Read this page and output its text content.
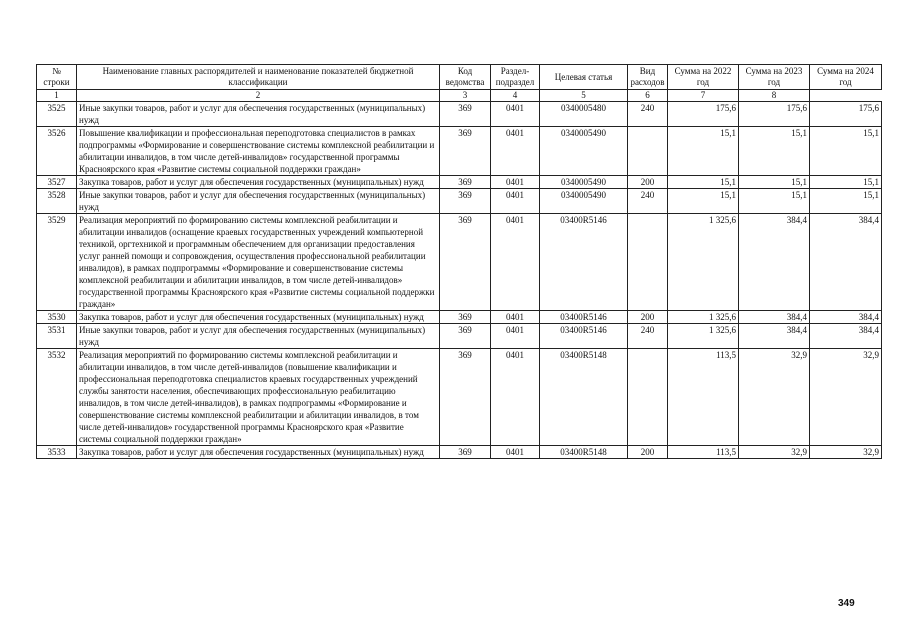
№ строки	Наименование главных распорядителей и наименование показателей бюджетной классификации	Код ведомства	Раздел-подраздел	Целевая статья	Вид расходов	Сумма на 2022 год	Сумма на 2023 год	Сумма на 2024 год
1	2	3	4	5	6	7	8	
3525	Иные закупки товаров, работ и услуг для обеспечения государственных (муниципальных) нужд	369	0401	0340005480	240	175,6	175,6	175,6
3526	Повышение квалификации и профессиональная переподготовка специалистов в рамках подпрограммы «Формирование и совершенствование системы комплексной реабилитации и абилитации инвалидов, в том числе детей-инвалидов» государственной программы Красноярского края «Развитие системы социальной поддержки граждан»	369	0401	0340005490		15,1	15,1	15,1
3527	Закупка товаров, работ и услуг для обеспечения государственных (муниципальных) нужд	369	0401	0340005490	200	15,1	15,1	15,1
3528	Иные закупки товаров, работ и услуг для обеспечения государственных (муниципальных) нужд	369	0401	0340005490	240	15,1	15,1	15,1
3529	Реализация мероприятий по формированию системы комплексной реабилитации и абилитации инвалидов (оснащение краевых государственных учреждений компьютерной техникой, оргтехникой и программным обеспечением для организации предоставления услуг ранней помощи и сопровождения, осуществления профессиональной реабилитации инвалидов), в рамках подпрограммы «Формирование и совершенствование системы комплексной реабилитации и абилитации инвалидов, в том числе детей-инвалидов» государственной программы Красноярского края «Развитие системы социальной поддержки граждан»	369	0401	03400R5146		1 325,6	384,4	384,4
3530	Закупка товаров, работ и услуг для обеспечения государственных (муниципальных) нужд	369	0401	03400R5146	200	1 325,6	384,4	384,4
3531	Иные закупки товаров, работ и услуг для обеспечения государственных (муниципальных) нужд	369	0401	03400R5146	240	1 325,6	384,4	384,4
3532	Реализация мероприятий по формированию системы комплексной реабилитации и абилитации инвалидов, в том числе детей-инвалидов (повышение квалификации и профессиональная переподготовка специалистов краевых государственных учреждений службы занятости населения, обеспечивающих профессиональную реабилитацию инвалидов, в том числе детей-инвалидов), в рамках подпрограммы «Формирование и совершенствование системы комплексной реабилитации и абилитации инвалидов, в том числе детей-инвалидов» государственной программы Красноярского края «Развитие системы социальной поддержки граждан»	369	0401	03400R5148		113,5	32,9	32,9
3533	Закупка товаров, работ и услуг для обеспечения государственных (муниципальных) нужд	369	0401	03400R5148	200	113,5	32,9	32,9
349
